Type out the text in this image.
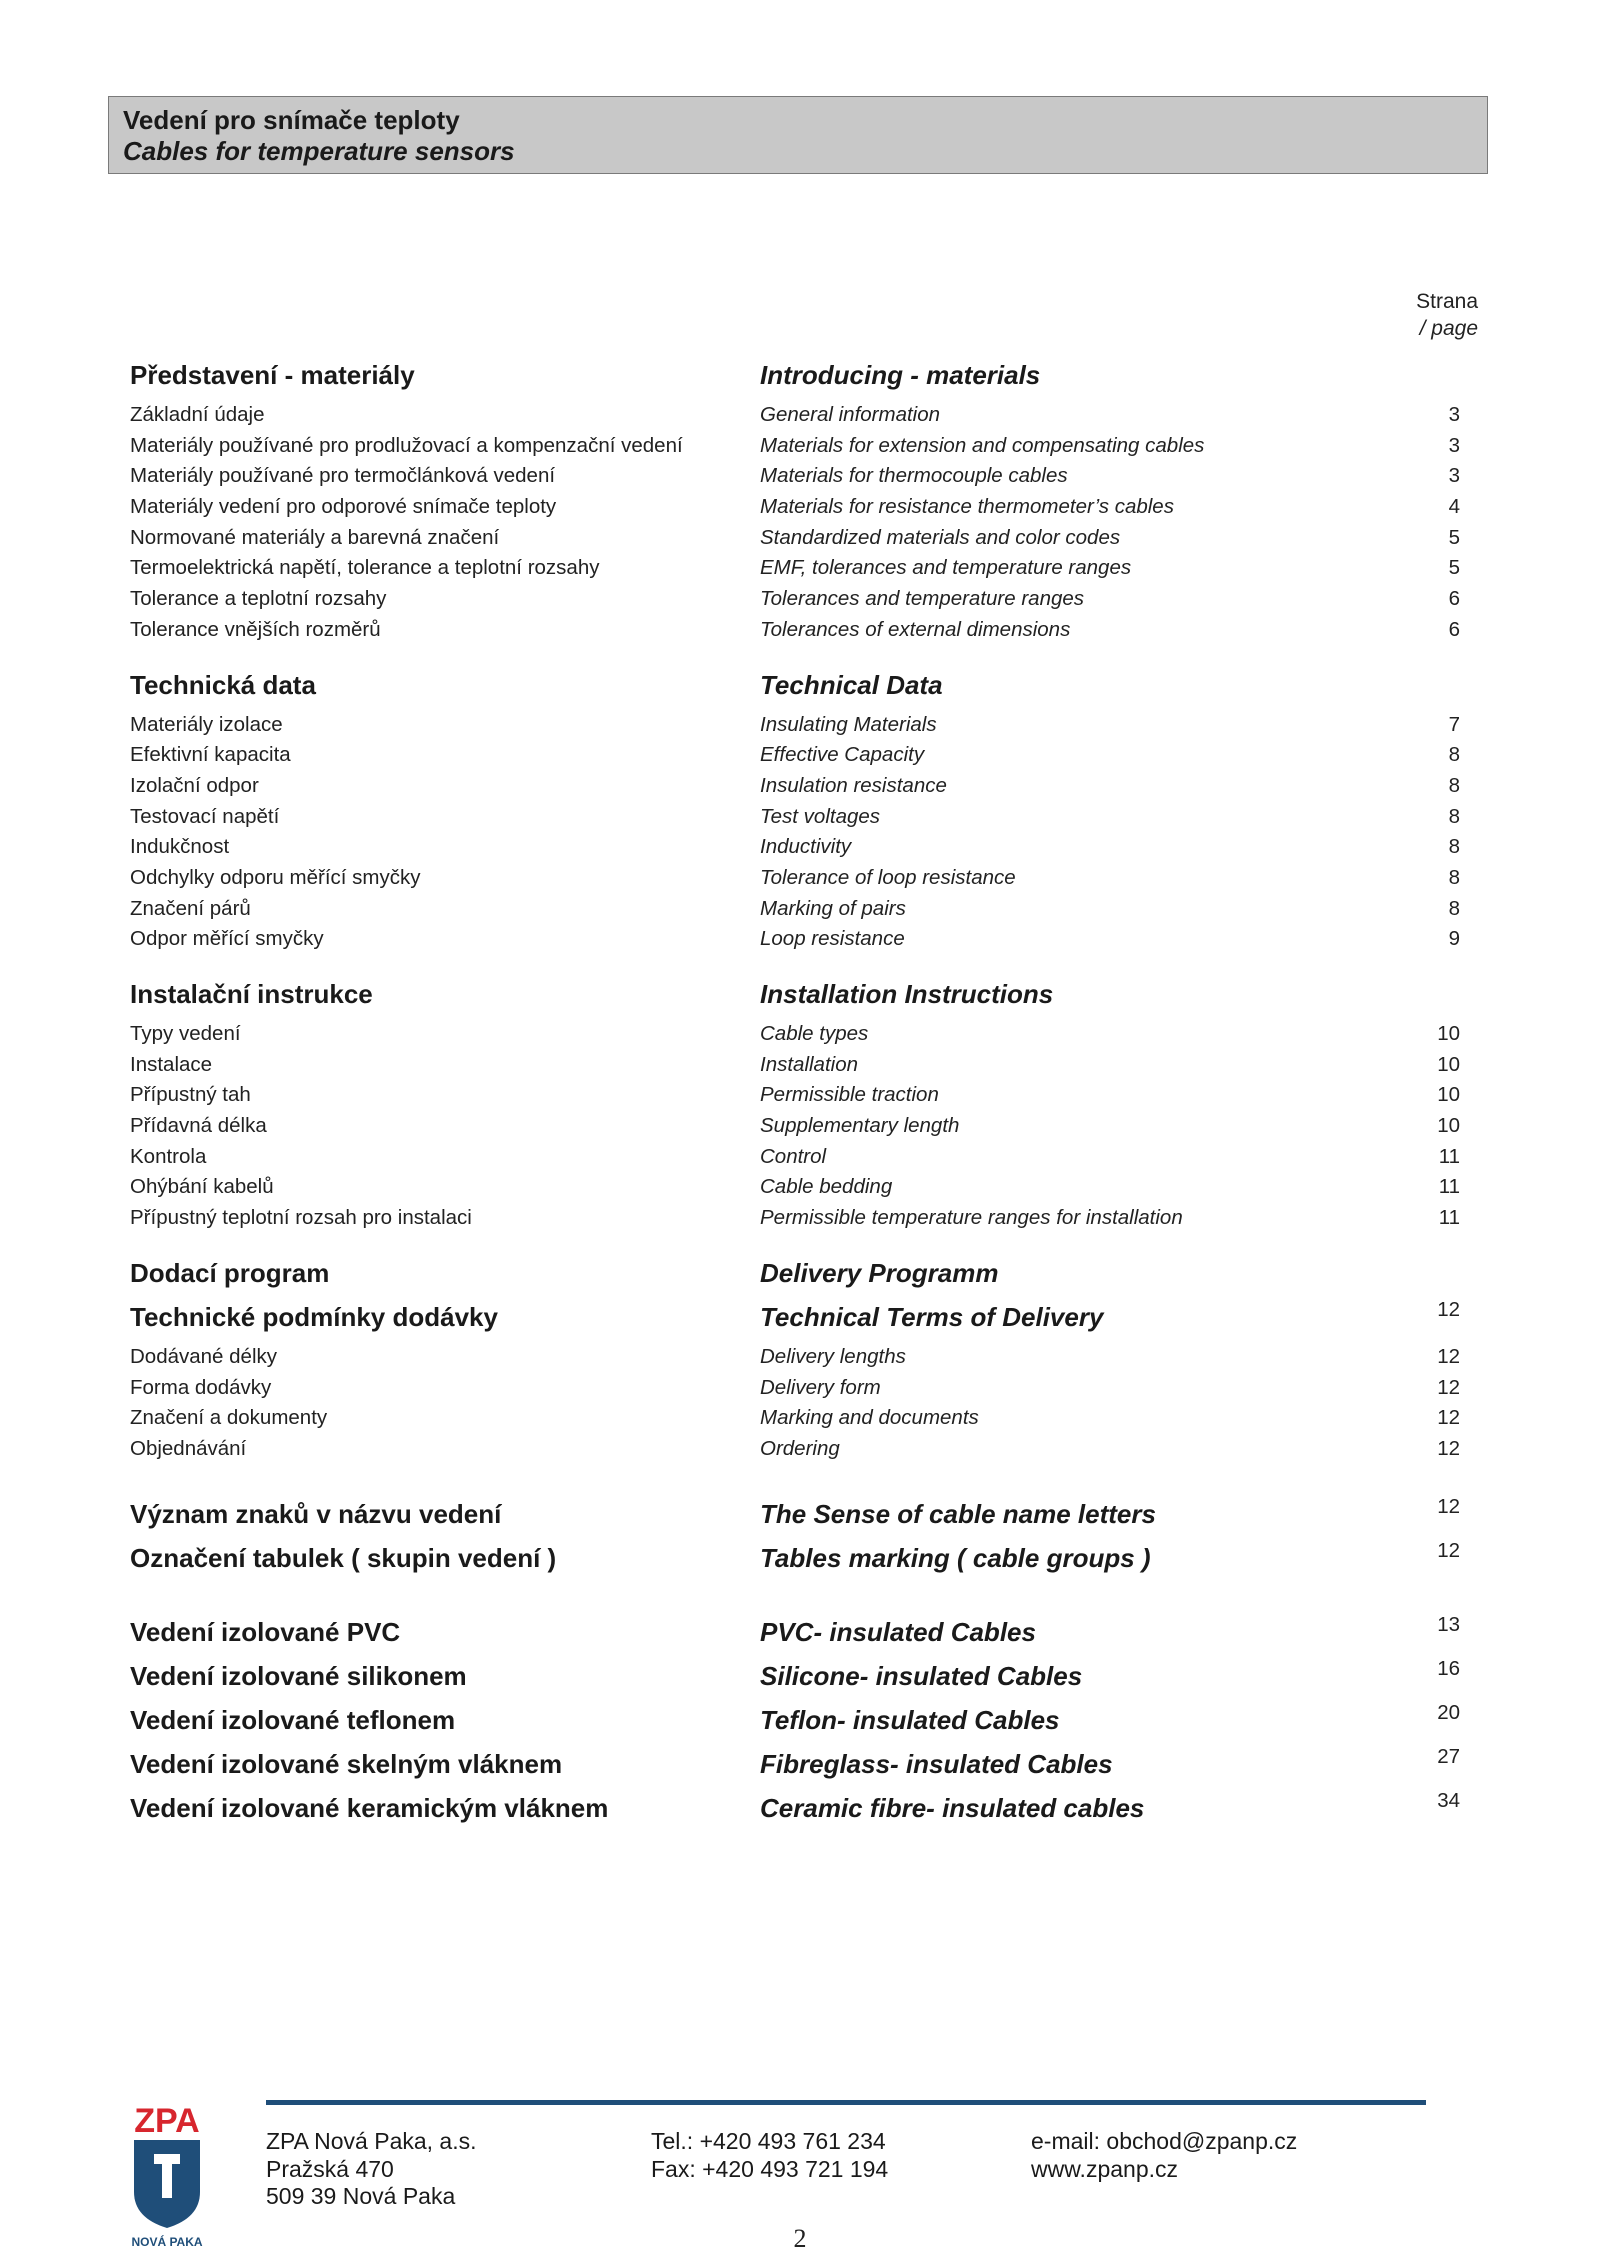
Vedení pro snímače teploty
Cables for temperature sensors
Strana
/ page
Představení - materiály	Introducing - materials
Základní údaje	General information	3
Materiály používané pro prodlužovací a kompenzační vedení	Materials for extension and compensating cables	3
Materiály používané pro termočlánková vedení	Materials for thermocouple cables	3
Materiály vedení pro odporové snímače teploty	Materials for resistance thermometer’s cables	4
Normované materiály a barevná značení	Standardized materials and color codes	5
Termoelektrická napětí, tolerance a teplotní rozsahy	EMF, tolerances and temperature ranges	5
Tolerance a teplotní rozsahy	Tolerances and temperature ranges	6
Tolerance vnějších rozměrů	Tolerances of external dimensions	6
Technická data	Technical Data
Materiály izolace	Insulating Materials	7
Efektivní kapacita	Effective Capacity	8
Izolační odpor	Insulation resistance	8
Testovací napětí	Test voltages	8
Indukčnost	Inductivity	8
Odchylky odporu měřící smyčky	Tolerance of loop resistance	8
Značení párů	Marking of pairs	8
Odpor měřící smyčky	Loop resistance	9
Instalační instrukce	Installation Instructions
Typy vedení	Cable types	10
Instalace	Installation	10
Přípustný tah	Permissible traction	10
Přídavná délka	Supplementary length	10
Kontrola	Control	11
Ohýbání kabelů	Cable bedding	11
Přípustný teplotní rozsah pro instalaci	Permissible temperature ranges for installation	11
Dodací program	Delivery Programm
Technické podmínky dodávky	Technical Terms of Delivery	12
Dodávané délky	Delivery lengths	12
Forma dodávky	Delivery form	12
Značení a dokumenty	Marking and documents	12
Objednávání	Ordering	12
Význam znaků v názvu vedení	The Sense of cable name letters	12
Označení tabulek ( skupin vedení )	Tables marking ( cable groups )	12
Vedení izolované PVC	PVC- insulated Cables	13
Vedení izolované silikonem	Silicone- insulated Cables	16
Vedení izolované teflonem	Teflon- insulated Cables	20
Vedení izolované skelným vláknem	Fibreglass- insulated Cables	27
Vedení izolované keramickým vláknem	Ceramic fibre- insulated cables	34
ZPA
NOVÁ PAKA
ZPA Nová Paka, a.s.
Pražská 470
509 39 Nová Paka
Tel.: +420 493 761 234
Fax: +420 493 721 194
e-mail: obchod@zpanp.cz
www.zpanp.cz
2
